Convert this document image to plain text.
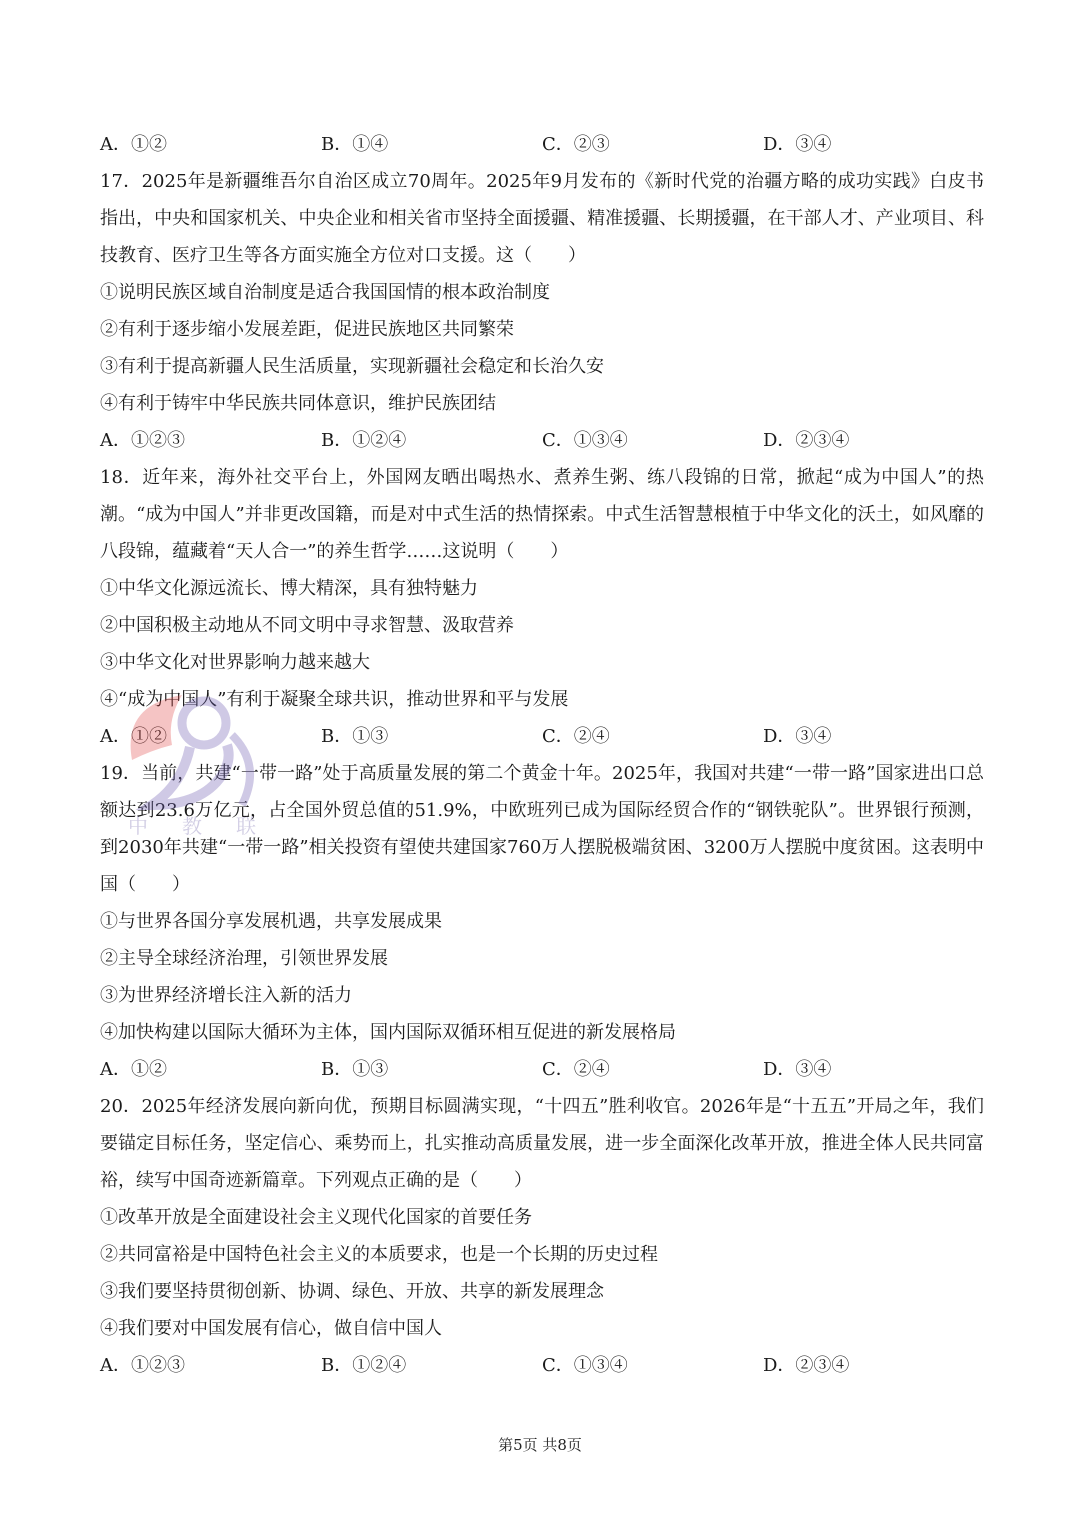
A．①②	B．①④	C．②③	D．③④
17．2025年是新疆维吾尔自治区成立70周年。2025年9月发布的《新时代党的治疆方略的成功实践》白皮书指出，中央和国家机关、中央企业和相关省市坚持全面援疆、精准援疆、长期援疆，在干部人才、产业项目、科技教育、医疗卫生等各方面实施全方位对口支援。这（　　）
①说明民族区域自治制度是适合我国国情的根本政治制度
②有利于逐步缩小发展差距，促进民族地区共同繁荣
③有利于提高新疆人民生活质量，实现新疆社会稳定和长治久安
④有利于铸牢中华民族共同体意识，维护民族团结
A．①②③	B．①②④	C．①③④	D．②③④
18．近年来，海外社交平台上，外国网友晒出喝热水、煮养生粥、练八段锦的日常，掀起“成为中国人”的热潮。“成为中国人”并非更改国籍，而是对中式生活的热情探索。中式生活智慧根植于中华文化的沃土，如风靡的八段锦，蕴藏着“天人合一”的养生哲学……这说明（　　）
①中华文化源远流长、博大精深，具有独特魅力
②中国积极主动地从不同文明中寻求智慧、汲取营养
③中华文化对世界影响力越来越大
④“成为中国人”有利于凝聚全球共识，推动世界和平与发展
A．①②	B．①③	C．②④	D．③④
19．当前，共建“一带一路”处于高质量发展的第二个黄金十年。2025年，我国对共建“一带一路”国家进出口总额达到23.6万亿元，占全国外贸总值的51.9%，中欧班列已成为国际经贸合作的“钢铁驼队”。世界银行预测，到2030年共建“一带一路”相关投资有望使共建国家760万人摆脱极端贫困、3200万人摆脱中度贫困。这表明中国（　　）
①与世界各国分享发展机遇，共享发展成果
②主导全球经济治理，引领世界发展
③为世界经济增长注入新的活力
④加快构建以国际大循环为主体，国内国际双循环相互促进的新发展格局
A．①②	B．①③	C．②④	D．③④
20．2025年经济发展向新向优，预期目标圆满实现，“十四五”胜利收官。2026年是“十五五”开局之年，我们要锚定目标任务，坚定信心、乘势而上，扎实推动高质量发展，进一步全面深化改革开放，推进全体人民共同富裕，续写中国奇迹新篇章。下列观点正确的是（　　）
①改革开放是全面建设社会主义现代化国家的首要任务
②共同富裕是中国特色社会主义的本质要求，也是一个长期的历史过程
③我们要坚持贯彻创新、协调、绿色、开放、共享的新发展理念
④我们要对中国发展有信心，做自信中国人
A．①②③	B．①②④	C．①③④	D．②③④
中教联
第5页 共8页
